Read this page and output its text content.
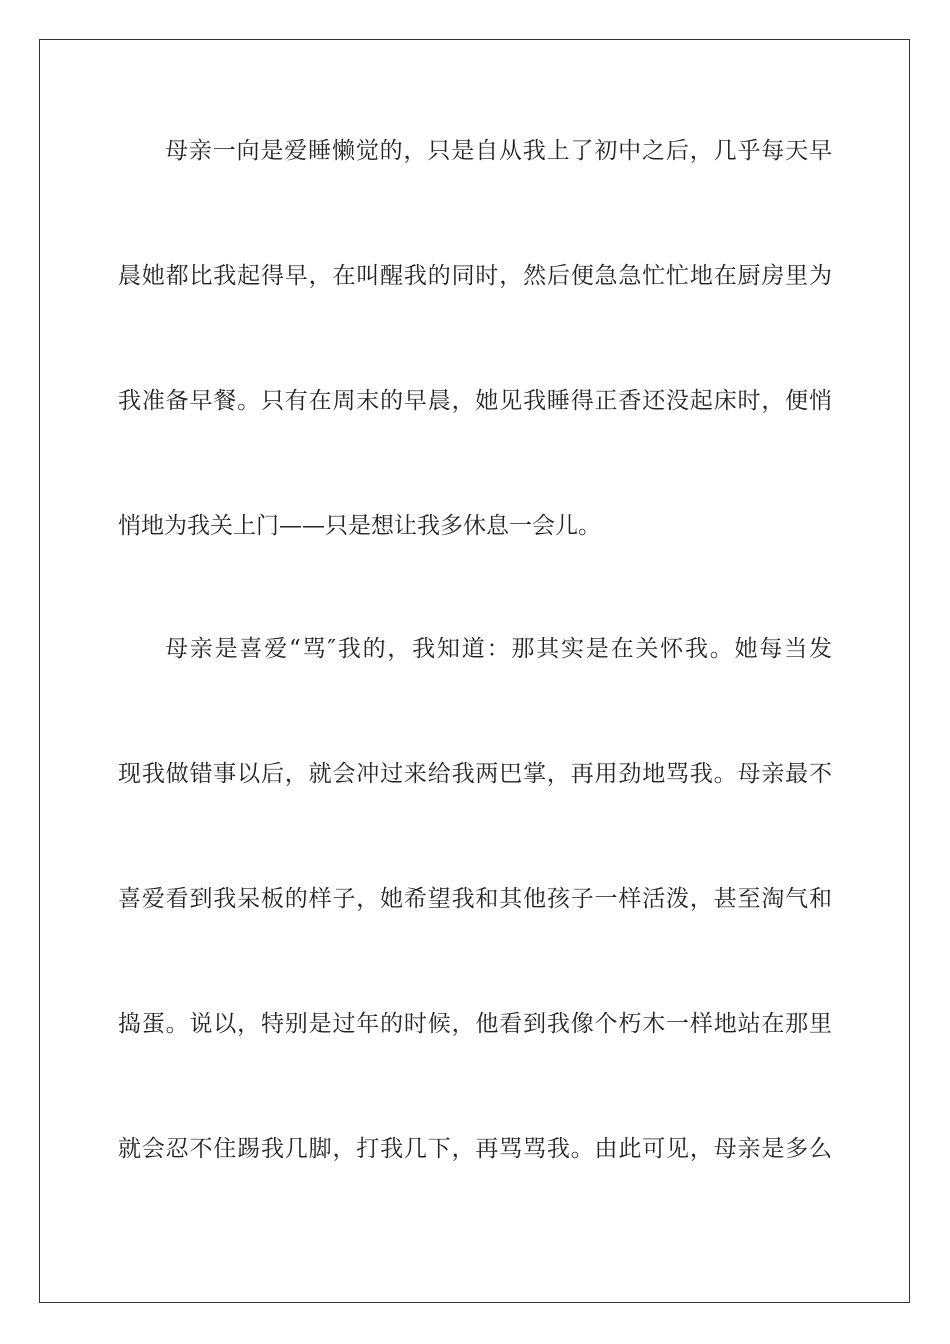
母亲一向是爱睡懒觉的，只是自从我上了初中之后，几乎每天早
晨她都比我起得早，在叫醒我的同时，然后便急急忙忙地在厨房里为
我准备早餐。只有在周末的早晨，她见我睡得正香还没起床时，便悄
悄地为我关上门——只是想让我多休息一会儿。
母亲是喜爱“骂″我的，我知道：那其实是在关怀我。她每当发
现我做错事以后，就会冲过来给我两巴掌，再用劲地骂我。母亲最不
喜爱看到我呆板的样子，她希望我和其他孩子一样活泼，甚至淘气和
捣蛋。说以，特别是过年的时候，他看到我像个朽木一样地站在那里
就会忍不住踢我几脚，打我几下，再骂骂我。由此可见，母亲是多么
